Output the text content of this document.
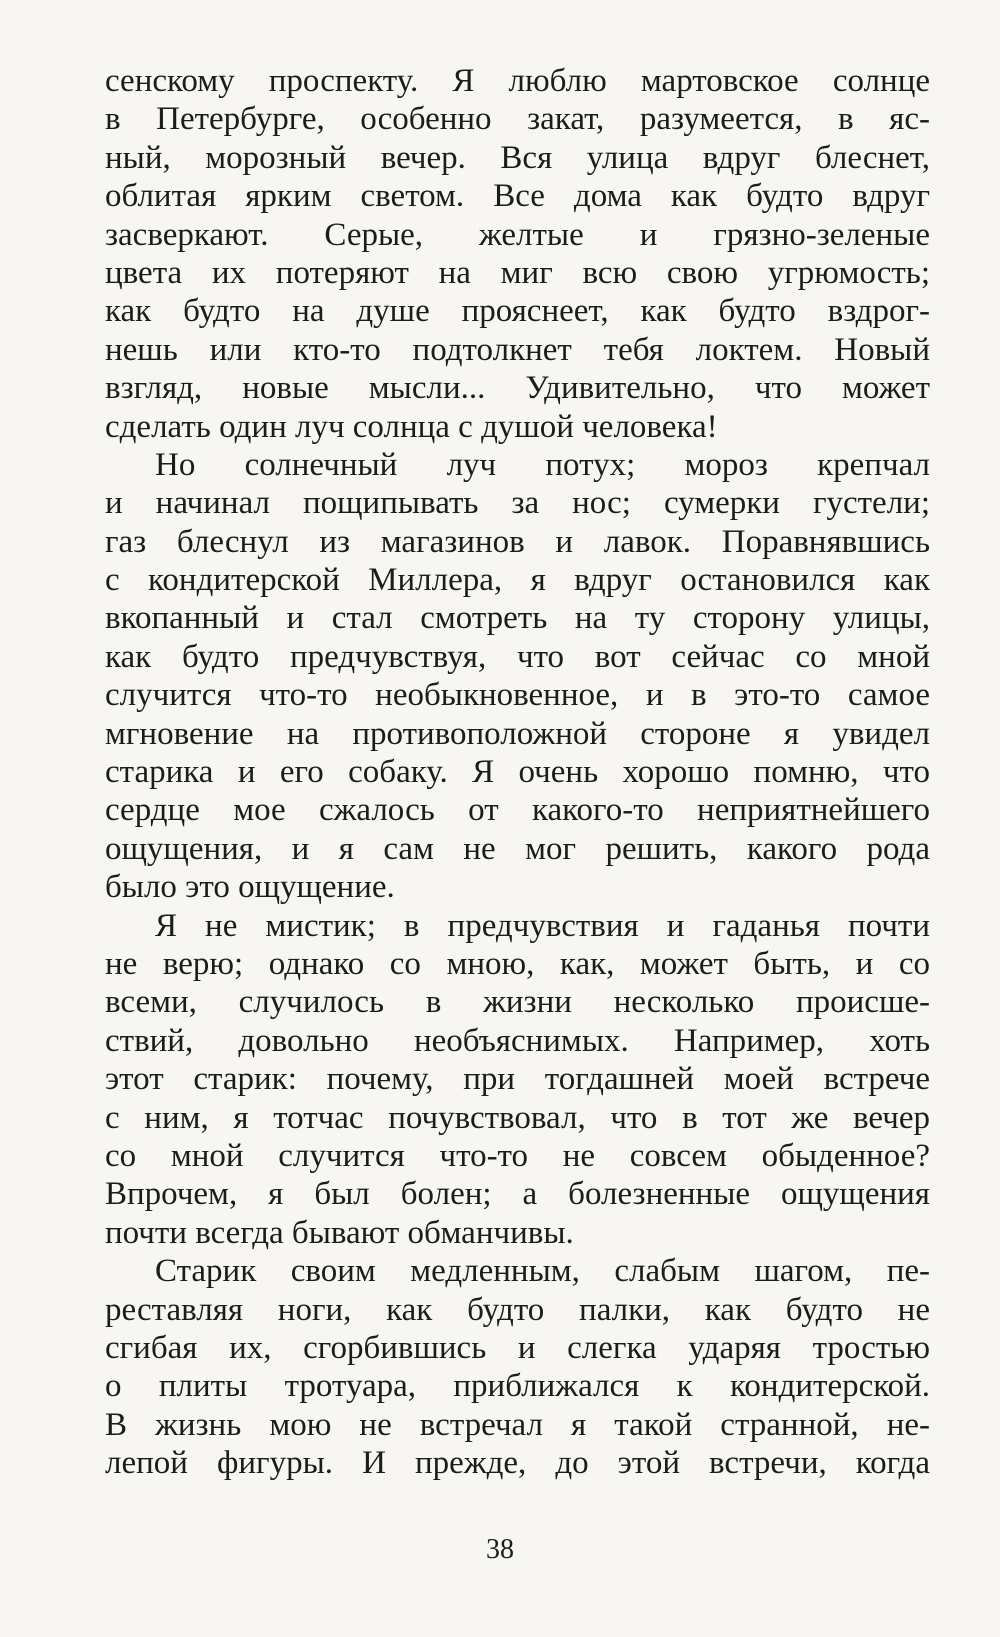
сенскому проспекту. Я люблю мартовское солнце
в Петербурге, особенно закат, разумеется, в яс-
ный, морозный вечер. Вся улица вдруг блеснет,
облитая ярким светом. Все дома как будто вдруг
засверкают. Серые, желтые и грязно-зеленые
цвета их потеряют на миг всю свою угрюмость;
как будто на душе прояснеет, как будто вздрог-
нешь или кто-то подтолкнет тебя локтем. Новый
взгляд, новые мысли... Удивительно, что может
сделать один луч солнца с душой человека!
Но солнечный луч потух; мороз крепчал
и начинал пощипывать за нос; сумерки густели;
газ блеснул из магазинов и лавок. Поравнявшись
с кондитерской Миллера, я вдруг остановился как
вкопанный и стал смотреть на ту сторону улицы,
как будто предчувствуя, что вот сейчас со мной
случится что-то необыкновенное, и в это-то самое
мгновение на противоположной стороне я увидел
старика и его собаку. Я очень хорошо помню, что
сердце мое сжалось от какого-то неприятнейшего
ощущения, и я сам не мог решить, какого рода
было это ощущение.
Я не мистик; в предчувствия и гаданья почти
не верю; однако со мною, как, может быть, и со
всеми, случилось в жизни несколько происше-
ствий, довольно необъяснимых. Например, хоть
этот старик: почему, при тогдашней моей встрече
с ним, я тотчас почувствовал, что в тот же вечер
со мной случится что-то не совсем обыденное?
Впрочем, я был болен; а болезненные ощущения
почти всегда бывают обманчивы.
Старик своим медленным, слабым шагом, пе-
реставляя ноги, как будто палки, как будто не
сгибая их, сгорбившись и слегка ударяя тростью
о плиты тротуара, приближался к кондитерской.
В жизнь мою не встречал я такой странной, не-
лепой фигуры. И прежде, до этой встречи, когда
38
